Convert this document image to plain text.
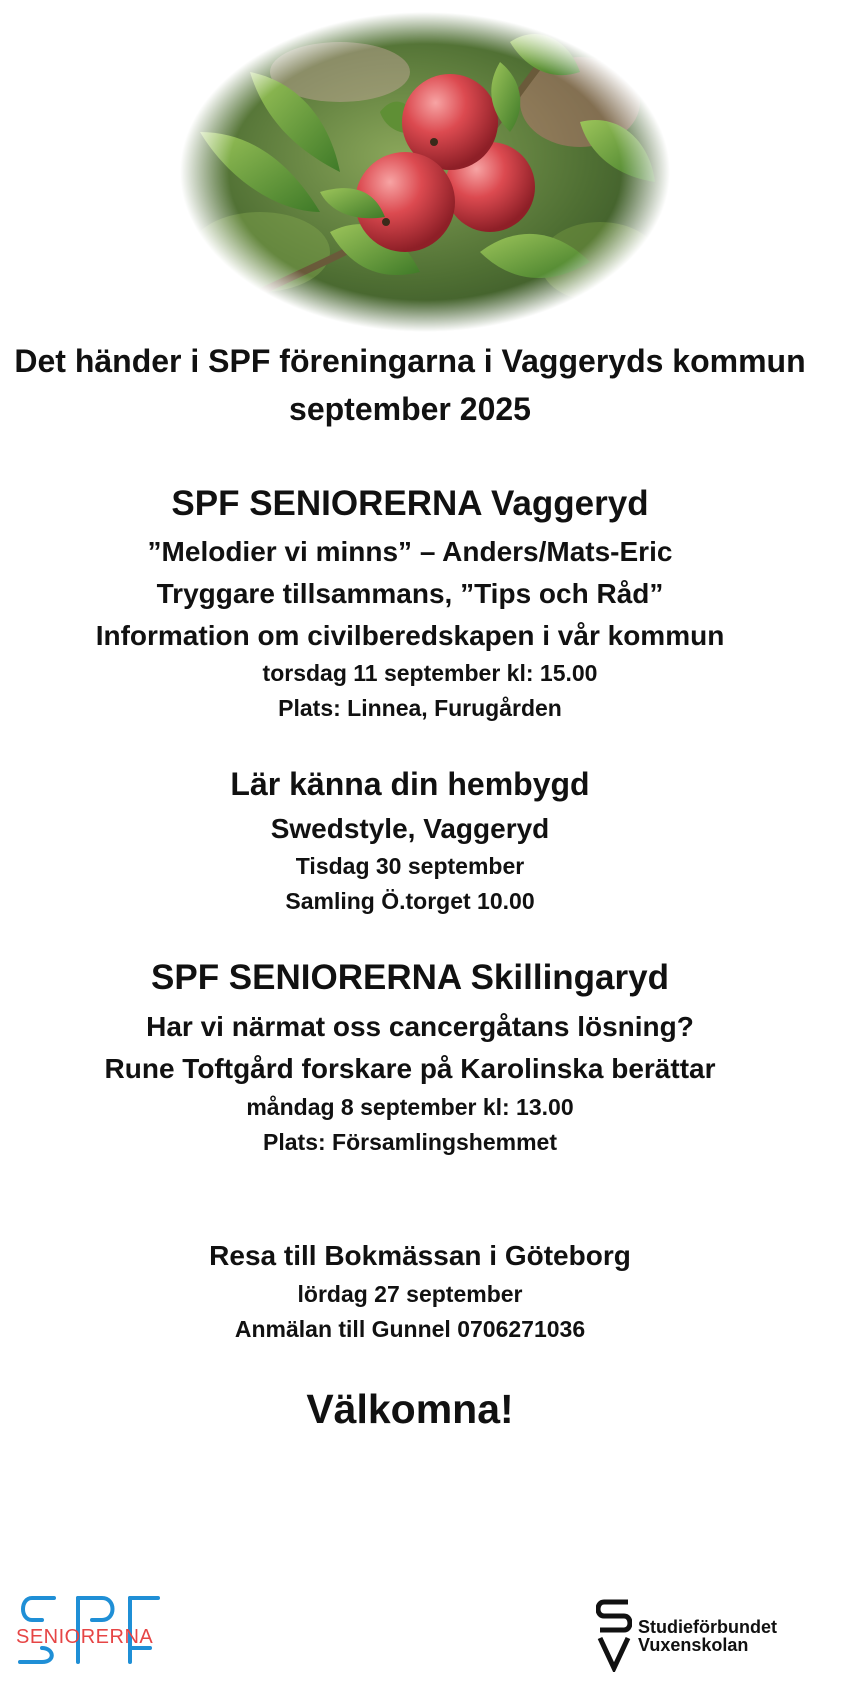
Det händer i SPF föreningarna i Vaggeryds kommun
september 2025
SPF SENIORERNA Vaggeryd
”Melodier vi minns” – Anders/Mats-Eric
Tryggare tillsammans, ”Tips och Råd”
Information om civilberedskapen i vår kommun
torsdag 11 september kl: 15.00
Plats: Linnea, Furugården
Lär känna din hembygd
Swedstyle, Vaggeryd
Tisdag 30 september
Samling Ö.torget 10.00
SPF SENIORERNA Skillingaryd
Har vi närmat oss cancergåtans lösning?
Rune Toftgård forskare på Karolinska berättar
måndag 8 september kl: 13.00
Plats: Församlingshemmet
Resa till Bokmässan i Göteborg
lördag 27 september
Anmälan till Gunnel 0706271036
Välkomna!
SENIORERNA	Studieförbundet
Vuxenskolan
